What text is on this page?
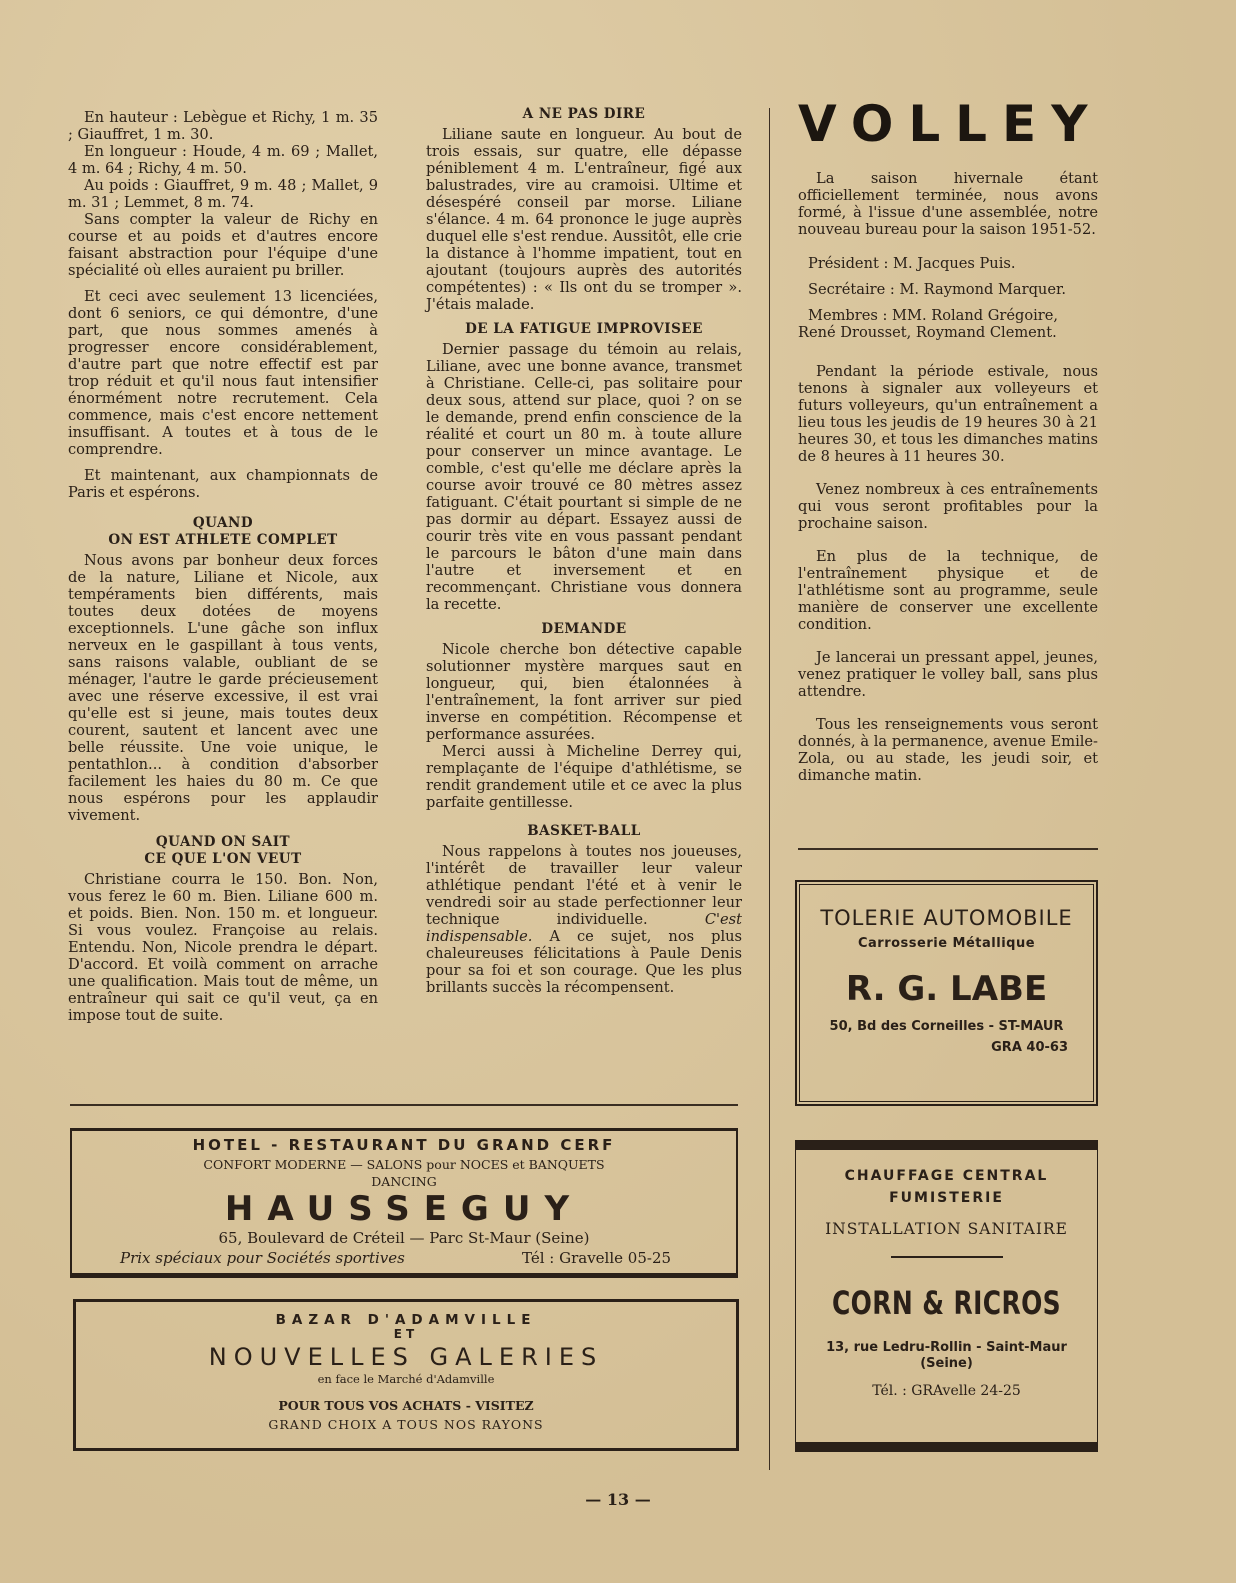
En hauteur : Lebègue et Richy, 1 m. 35 ; Giauffret, 1 m. 30.

En longueur : Houde, 4 m. 69 ; Mallet, 4 m. 64 ; Richy, 4 m. 50.

Au poids : Giauffret, 9 m. 48 ; Mallet, 9 m. 31 ; Lemmet, 8 m. 74.

Sans compter la valeur de Richy en course et au poids et d'autres encore faisant abstraction pour l'équipe d'une spécialité où elles auraient pu briller.

Et ceci avec seulement 13 licenciées, dont 6 seniors, ce qui démontre, d'une part, que nous sommes amenés à progresser encore considérablement, d'autre part que notre effectif est par trop réduit et qu'il nous faut intensifier énormément notre recrutement. Cela commence, mais c'est encore nettement insuffisant. A toutes et à tous de le comprendre.

Et maintenant, aux championnats de Paris et espérons.

QUAND
ON EST ATHLETE COMPLET

Nous avons par bonheur deux forces de la nature, Liliane et Nicole, aux tempéraments bien différents, mais toutes deux dotées de moyens exceptionnels. L'une gâche son influx nerveux en le gaspillant à tous vents, sans raisons valable, oubliant de se ménager, l'autre le garde précieusement avec une réserve excessive, il est vrai qu'elle est si jeune, mais toutes deux courent, sautent et lancent avec une belle réussite. Une voie unique, le pentathlon... à condition d'absorber facilement les haies du 80 m. Ce que nous espérons pour les applaudir vivement.

QUAND ON SAIT
CE QUE L'ON VEUT

Christiane courra le 150. Bon. Non, vous ferez le 60 m. Bien. Liliane 600 m. et poids. Bien. Non. 150 m. et longueur. Si vous voulez. Françoise au relais. Entendu. Non, Nicole prendra le départ. D'accord. Et voilà comment on arrache une qualification. Mais tout de même, un entraîneur qui sait ce qu'il veut, ça en impose tout de suite.

A NE PAS DIRE

Liliane saute en longueur. Au bout de trois essais, sur quatre, elle dépasse péniblement 4 m. L'entraîneur, figé aux balustrades, vire au cramoisi. Ultime et désespéré conseil par morse. Liliane s'élance. 4 m. 64 prononce le juge auprès duquel elle s'est rendue. Aussitôt, elle crie la distance à l'homme impatient, tout en ajoutant (toujours auprès des autorités compétentes) : « Ils ont du se tromper ». J'étais malade.

DE LA FATIGUE IMPROVISEE

Dernier passage du témoin au relais, Liliane, avec une bonne avance, transmet à Christiane. Celle-ci, pas solitaire pour deux sous, attend sur place, quoi ? on se le demande, prend enfin conscience de la réalité et court un 80 m. à toute allure pour conserver un mince avantage. Le comble, c'est qu'elle me déclare après la course avoir trouvé ce 80 mètres assez fatiguant. C'était pourtant si simple de ne pas dormir au départ. Essayez aussi de courir très vite en vous passant pendant le parcours le bâton d'une main dans l'autre et inversement et en recommençant. Christiane vous donnera la recette.

DEMANDE

Nicole cherche bon détective capable solutionner mystère marques saut en longueur, qui, bien étalonnées à l'entraînement, la font arriver sur pied inverse en compétition. Récompense et performance assurées.

Merci aussi à Micheline Derrey qui, remplaçante de l'équipe d'athlétisme, se rendit grandement utile et ce avec la plus parfaite gentillesse.

BASKET-BALL

Nous rappelons à toutes nos joueuses, l'intérêt de travailler leur valeur athlétique pendant l'été et à venir le vendredi soir au stade perfectionner leur technique individuelle.	C'est indispensable. A ce sujet, nos plus chaleureuses félicitations à Paule Denis pour sa foi et son courage. Que les plus brillants succès la récompensent.

VOLLEY

La saison hivernale étant officiellement terminée, nous avons formé, à l'issue d'une assemblée, notre nouveau bureau pour la saison 1951-52.

Président : M. Jacques Puis.

Secrétaire : M. Raymond Marquer.

Membres : MM. Roland Grégoire, René Drousset, Roymand Clement.

Pendant la période estivale, nous tenons à signaler aux volleyeurs et futurs volleyeurs, qu'un entraînement a lieu tous les jeudis de 19 heures 30 à 21 heures 30, et tous les dimanches matins de 8 heures à 11 heures 30.

Venez nombreux à ces entraînements qui vous seront profitables pour la prochaine saison.

En plus de la technique, de l'entraînement physique et de l'athlétisme sont au programme, seule manière de conserver une excellente condition.

Je lancerai un pressant appel, jeunes, venez pratiquer le volley ball, sans plus attendre.

Tous les renseignements vous seront donnés, à la permanence, avenue Emile-Zola, ou au stade, les jeudi soir, et dimanche matin.

HOTEL - RESTAURANT DU GRAND CERF
CONFORT MODERNE — SALONS pour NOCES et BANQUETS
DANCING
HAUSSEGUY
65, Boulevard de Créteil — Parc St-Maur (Seine)
Prix spéciaux pour Sociétés sportives	Tél : Gravelle 05-25
BAZAR D'ADAMVILLE
ET
NOUVELLES GALERIES
en face le Marché d'Adamville
POUR TOUS VOS ACHATS - VISITEZ
GRAND CHOIX A TOUS NOS RAYONS
TOLERIE AUTOMOBILE
Carrosserie Métallique
R. G. LABE
50, Bd des Corneilles - ST-MAUR
GRA 40-63
CHAUFFAGE CENTRAL
FUMISTERIE
INSTALLATION SANITAIRE
CORN & RICROS
13, rue Ledru-Rollin - Saint-Maur
(Seine)
Tél. : GRAvelle 24-25
— 13 —
